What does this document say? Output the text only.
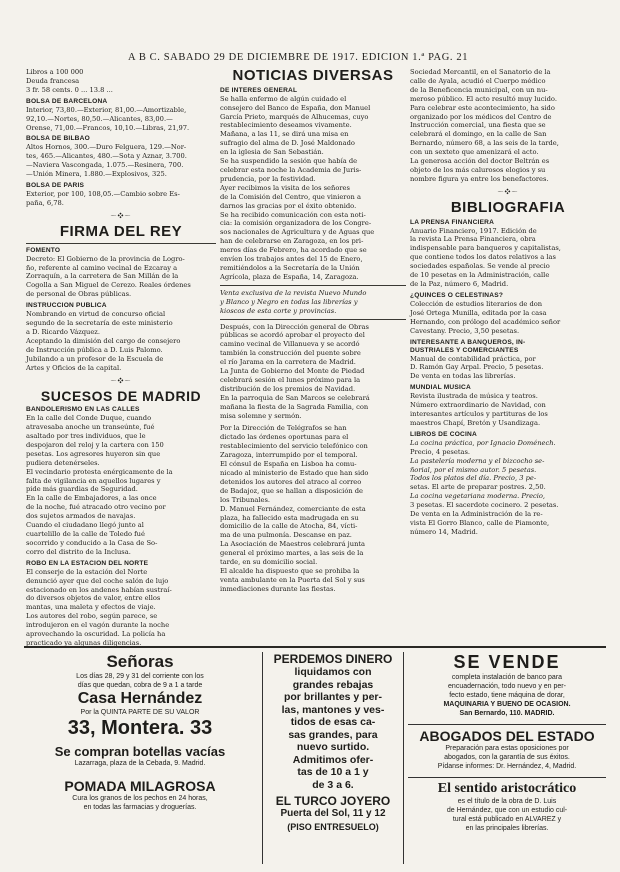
A B C. SABADO 29 DE DICIEMBRE DE 1917. EDICION 1.ª PAG. 21
Libros a 100 000
Deuda francesa
3 fr. 58 cents. 0 ... 13.8 ...
BOLSA DE BARCELONA
Interior, 73,80.—Exterior, 81,00.—Amortizable,
92,10.—Nortes, 80,50.—Alicantes, 83,00.—
Orense, 71,00.—Francos, 10,10.—Libras, 21,97.
BOLSA DE BILBAO
Altos Hornos, 300.—Duro Felguera, 129.—Nor-
tes, 465.—Alicantes, 480.—Sota y Aznar, 3.700.
—Naviera Vascongada, 1.075.—Resinera, 700.
—Unión Minera, 1.880.—Explosivos, 325.
BOLSA DE PARIS
Exterior, por 100, 108,05.—Cambio sobre Es-
paña, 6,78.
〜❖〜
FIRMA DEL REY
FOMENTO
Decreto: El Gobierno de la provincia de Logro-
ño, referente al camino vecinal de Ezcaray a
Zorraquín, a la carretera de San Millán de la
Cogolla a San Miguel de Cerezo. Reales órdenes
de personal de Obras públicas.
INSTRUCCION PUBLICA
Nombrando en virtud de concurso oficial
segundo de la secretaría de este ministerio
a D. Ricardo Vázquez.
Aceptando la dimisión del cargo de consejero
de Instrucción pública a D. Luis Palomo.
Jubilando a un profesor de la Escuela de
Artes y Oficios de la capital.
〜❖〜
SUCESOS DE MADRID
BANDOLERISMO EN LAS CALLES
En la calle del Conde Duque, cuando
atravesaba anoche un transeúnte, fué
asaltado por tres individuos, que le
despojaron del reloj y la cartera con 150
pesetas. Los agresores huyeron sin que
pudiera detenérseles.
El vecindario protesta enérgicamente de la
falta de vigilancia en aquellos lugares y
pide más guardias de Seguridad.
En la calle de Embajadores, a las once
de la noche, fué atracado otro vecino por
dos sujetos armados de navajas.
Cuando el ciudadano llegó junto al
cuartelillo de la calle de Toledo fué
socorrido y conducido a la Casa de So-
corro del distrito de la Inclusa.
ROBO EN LA ESTACION DEL NORTE
El conserje de la estación del Norte
denunció ayer que del coche salón de lujo
estacionado en los andenes habían sustraí-
do diversos objetos de valor, entre ellos
mantas, una maleta y efectos de viaje.
Los autores del robo, según parece, se
introdujeron en el vagón durante la noche
aprovechando la oscuridad. La policía ha
practicado ya algunas diligencias.
NOTICIAS DIVERSAS
DE INTERES GENERAL
Se halla enfermo de algún cuidado el
consejero del Banco de España, don Manuel
García Prieto, marqués de Alhucemas, cuyo
restablecimiento deseamos vivamente.
Mañana, a las 11, se dirá una misa en
sufragio del alma de D. José Maldonado
en la iglesia de San Sebastián.
Se ha suspendido la sesión que había de
celebrar esta noche la Academia de Juris-
prudencia, por la festividad.
Ayer recibimos la visita de los señores
de la Comisión del Centro, que vinieron a
darnos las gracias por el éxito obtenido.
Se ha recibido comunicación con esta noti-
cia: la comisión organizadora de los Congre-
sos nacionales de Agricultura y de Aguas que
han de celebrarse en Zaragoza, en los pri-
meros días de Febrero, ha acordado que se
envíen los trabajos antes del 15 de Enero,
remitiéndolos a la Secretaría de la Unión
Agrícola, plaza de España, 14, Zaragoza.
Venta exclusiva de la revista Nuevo Mundo
y Blanco y Negro en todas las librerías y
kioscos de esta corte y provincias.
Después, con la Dirección general de Obras
públicas se acordó aprobar el proyecto del
camino vecinal de Villanueva y se acordó
también la construcción del puente sobre
el río Jarama en la carretera de Madrid.
La Junta de Gobierno del Monte de Piedad
celebrará sesión el lunes próximo para la
distribución de los premios de Navidad.
En la parroquia de San Marcos se celebrará
mañana la fiesta de la Sagrada Familia, con
misa solemne y sermón.
Por la Dirección de Telégrafos se han
dictado las órdenes oportunas para el
restablecimiento del servicio telefónico con
Zaragoza, interrumpido por el temporal.
El cónsul de España en Lisboa ha comu-
nicado al ministerio de Estado que han sido
detenidos los autores del atraco al correo
de Badajoz, que se hallan a disposición de
los Tribunales.
D. Manuel Fernández, comerciante de esta
plaza, ha fallecido esta madrugada en su
domicilio de la calle de Atocha, 84, vícti-
ma de una pulmonía. Descanse en paz.
La Asociación de Maestros celebrará junta
general el próximo martes, a las seis de la
tarde, en su domicilio social.
El alcalde ha dispuesto que se prohiba la
venta ambulante en la Puerta del Sol y sus
inmediaciones durante las fiestas.
Sociedad Mercantil, en el Sanatorio de la
calle de Ayala, acudió el Cuerpo médico
de la Beneficencia municipal, con un nu-
meroso público. El acto resultó muy lucido.
Para celebrar este acontecimiento, ha sido
organizado por los médicos del Centro de
Instrucción comercial, una fiesta que se
celebrará el domingo, en la calle de San
Bernardo, número 68, a las seis de la tarde,
con un sexteto que amenizará el acto.
La generosa acción del doctor Beltrán es
objeto de los más calurosos elogios y su
nombre figura ya entre los benefactores.
〜❖〜
BIBLIOGRAFIA
LA PRENSA FINANCIERA
Anuario Financiero, 1917. Edición de
la revista La Prensa Financiera, obra
indispensable para banqueros y capitalistas,
que contiene todos los datos relativos a las
sociedades españolas. Se vende al precio
de 10 pesetas en la Administración, calle
de la Paz, número 6, Madrid.
¿QUINCES O CELESTINAS?
Colección de estudios literarios de don
José Ortega Munilla, editada por la casa
Hernando, con prólogo del académico señor
Cavestany. Precio, 3,50 pesetas.
INTERESANTE A BANQUEROS, IN-
DUSTRIALES Y COMERCIANTES
Manual de contabilidad práctica, por
D. Ramón Gay Arpal. Precio, 5 pesetas.
De venta en todas las librerías.
MUNDIAL MUSICA
Revista ilustrada de música y teatros.
Número extraordinario de Navidad, con
interesantes artículos y partituras de los
maestros Chapí, Bretón y Usandizaga.
LIBROS DE COCINA
La cocina práctica, por Ignacio Doménech.
Precio, 4 pesetas.
La pastelería moderna y el bizcocho se-
ñorial, por el mismo autor. 5 pesetas.
Todos los platos del día. Precio, 3 pe-
setas. El arte de preparar postres. 2,50.
La cocina vegetariana moderna. Precio,
3 pesetas. El sacerdote cocinero. 2 pesetas.
De venta en la Administración de la re-
vista El Gorro Blanco, calle de Piamonte,
número 14, Madrid.
Señoras
Los días 28, 29 y 31 del corriente con los
días que quedan, cobra de 9 a 1 a tarde
Casa Hernández
Por la QUINTA PARTE DE SU VALOR
33, Montera. 33
Se compran botellas vacías
Lazarraga, plaza de la Cebada, 9. Madrid.
POMADA MILAGROSA
Cura los granos de los pechos en 24 horas,
en todas las farmacias y droguerías.
PERDEMOS DINERO
liquidamos con
grandes rebajas
por brillantes y per-
las, mantones y ves-
tidos de esas ca-
sas grandes, para
nuevo surtido.
Admitimos ofer-
tas de 10 a 1 y
de 3 a 6.
EL TURCO JOYERO
Puerta del Sol, 11 y 12
(PISO ENTRESUELO)
SE VENDE
completa instalación de banco para
encuadernación, todo nuevo y en per-
fecto estado, tiene máquina de dorar,
MAQUINARIA Y BUENO DE OCASION.
San Bernardo, 110. MADRID.
ABOGADOS DEL ESTADO
Preparación para estas oposiciones por
abogados, con la garantía de sus éxitos.
Pídanse informes: Dr. Hernández, 4, Madrid.
El sentido aristocrático
es el título de la obra de D. Luis
de Hernández, que con un estudio cul-
tural está publicado en ALVAREZ y
en las principales librerías.
